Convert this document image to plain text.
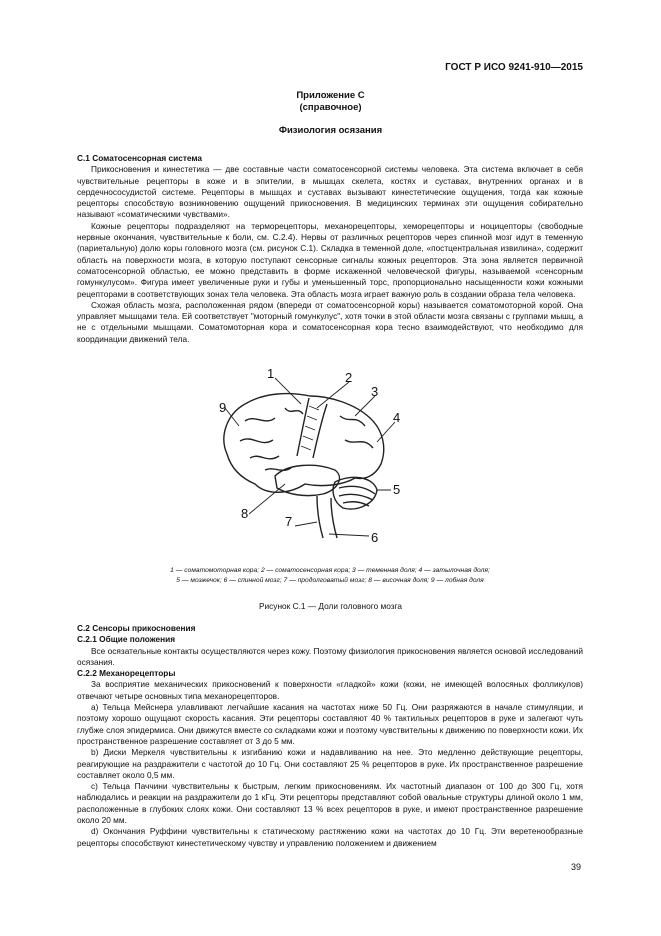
ГОСТ Р ИСО 9241-910—2015
Приложение С
(справочное)
Физиология осязания
С.1 Соматосенсорная система

Прикосновения и кинестетика — две составные части соматосенсорной системы человека. Эта система включает в себя чувствительные рецепторы в коже и в эпителии, в мышцах скелета, костях и суставах, внутренних органах и в сердечнососудистой системе. Рецепторы в мышцах и суставах вызывают кинестетические ощущения, тогда как кожные рецепторы способствую возникновению ощущений прикосновения. В медицинских терминах эти ощущения собирательно называют «соматическими чувствами».

Кожные рецепторы подразделяют на терморецепторы, механорецепторы, хеморецепторы и ноцицепторы (свободные нервные окончания, чувствительные к боли, см. С.2.4). Нервы от различных рецепторов через спинной мозг идут в теменную (париетальную) долю коры головного мозга (см. рисунок С.1). Складка в теменной доле, «постцентральная извилина», содержит область на поверхности мозга, в которую поступают сенсорные сигналы кожных рецепторов. Эта зона является первичной соматосенсорной областью, ее можно представить в форме искаженной человеческой фигуры, называемой «сенсорным гомункулусом». Фигура имеет увеличенные руки и губы и уменьшенный торс, пропорционально насыщенности кожи кожными рецепторами в соответствующих зонах тела человека. Эта область мозга играет важную роль в создании образа тела человека.

Схожая область мозга, расположенная рядом (впереди от соматосенсорной коры) называется соматомоторной корой. Она управляет мышцами тела. Ей соответствует "моторный гомункулус", хотя точки в этой области мозга связаны с группами мышц, а не с отдельными мышцами. Соматомоторная кора и соматосенсорная кора тесно взаимодействуют, что необходимо для координации движений тела.

1	2
3
4
5
6
7
8
9
1 — соматомоторная кора; 2 — соматосенсорная кора; 3 — теменная доля; 4 — затылочная доля;
5 — мозжечок; 6 — спинной мозг; 7 — продолговатый мозг; 8 — височная доля; 9 — лобная доля
Рисунок С.1 — Доли головного мозга
С.2 Сенсоры прикосновения
С.2.1 Общие положения

Все осязательные контакты осуществляются через кожу. Поэтому физиология прикосновения является основой исследований осязания.

С.2.2 Механорецепторы

За восприятие механических прикосновений к поверхности «гладкой» кожи (кожи, не имеющей волосяных фолликулов) отвечают четыре основных типа механорецепторов.

а) Тельца Мейснера улавливают легчайшие касания на частотах ниже 50 Гц. Они разряжаются в начале стимуляции, и поэтому хорошо ощущают скорость касания. Эти рецепторы составляют 40 % тактильных рецепторов в руке и залегают чуть глубже слоя эпидермиса. Они движутся вместе со складками кожи и поэтому чувствительны к движению по поверхности кожи. Их пространственное разрешение составляет от 3 до 5 мм.

b) Диски Меркеля чувствительны к изгибанию кожи и надавливанию на нее. Это медленно действующие рецепторы, реагирующие на раздражители с частотой до 10 Гц. Они составляют 25 % рецепторов в руке. Их пространственное разрешение составляет около 0,5 мм.

c) Тельца Паччини чувствительны к быстрым, легким прикосновениям. Их частотный диапазон от 100 до 300 Гц, хотя наблюдались и реакции на раздражители до 1 кГц. Эти рецепторы представляют собой овальные структуры длиной около 1 мм, расположенные в глубоких слоях кожи. Они составляют 13 % всех рецепторов в руке, и имеют пространственное разрешение около 20 мм.

d) Окончания Руффини чувствительны к статическому растяжению кожи на частотах до 10 Гц. Эти веретенообразные рецепторы способствуют кинестетическому чувству и управлению положением и движением

39
